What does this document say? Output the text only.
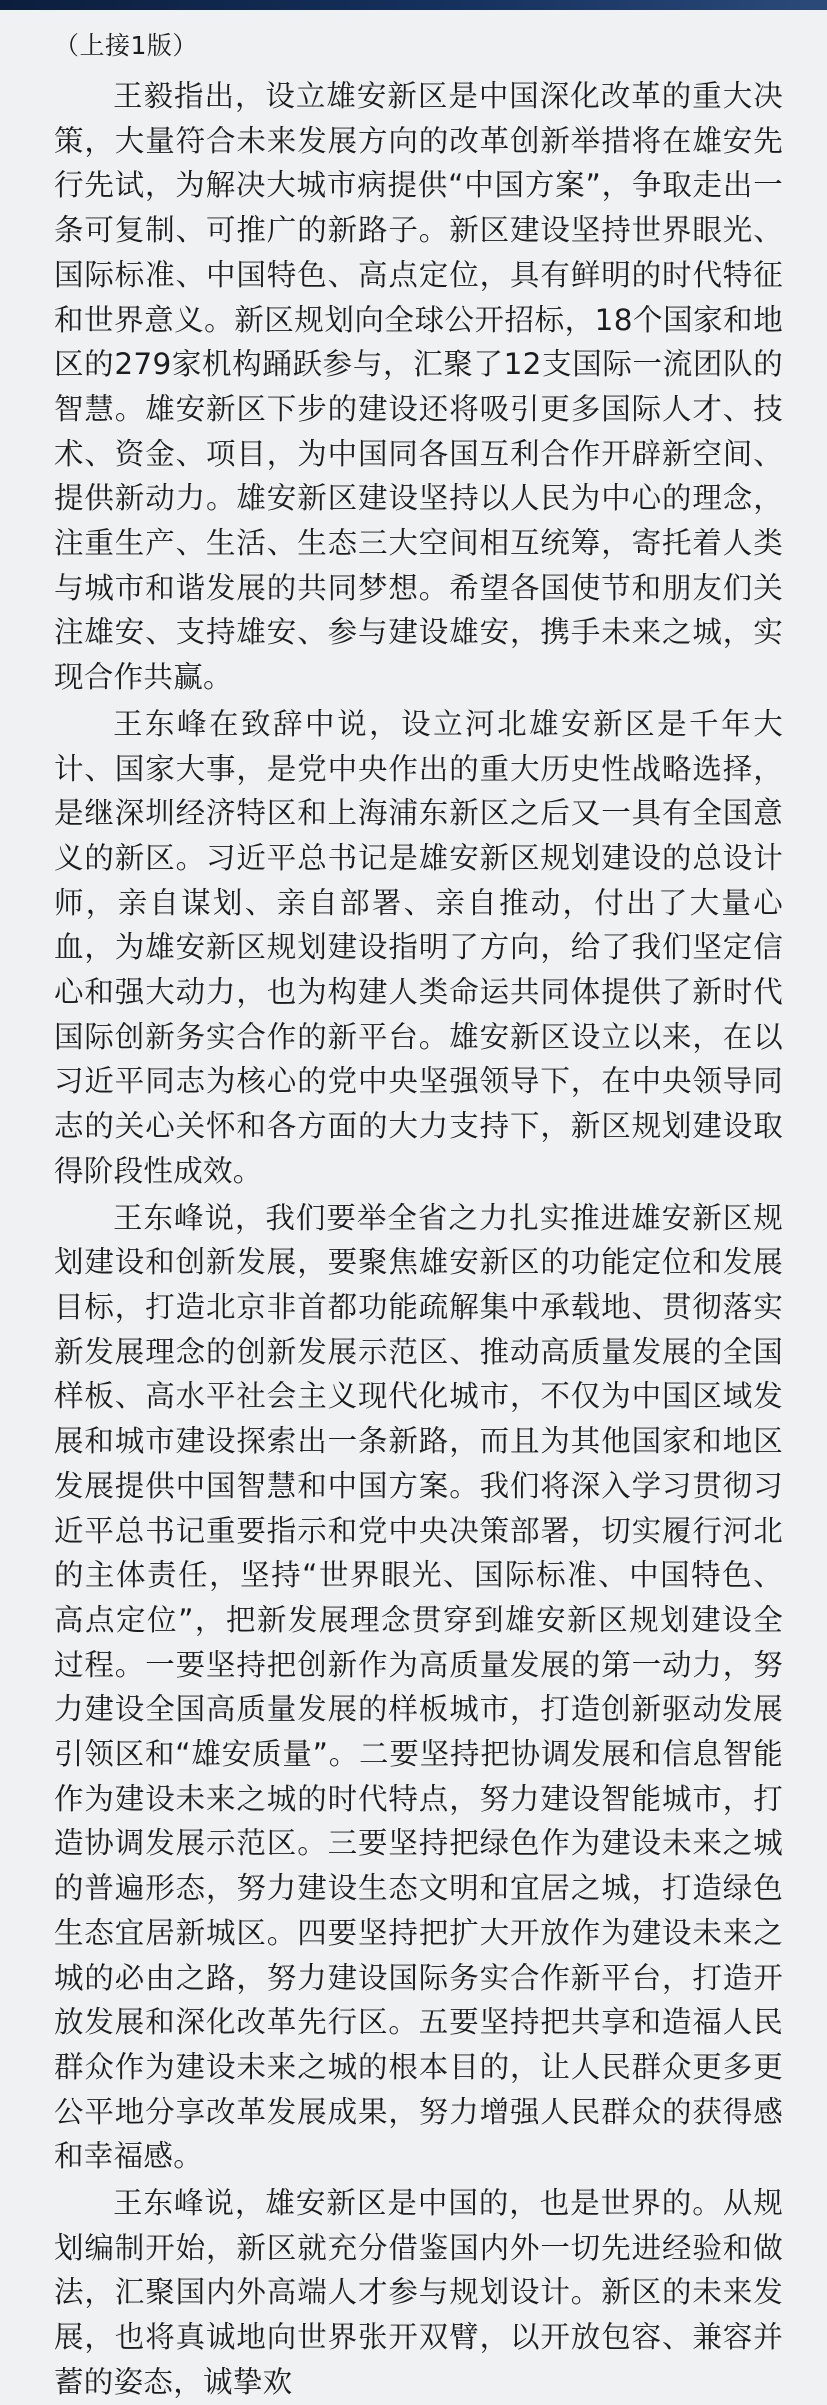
（上接1版）

王毅指出，设立雄安新区是中国深化改革的重大决策，大量符合未来发展方向的改革创新举措将在雄安先行先试，为解决大城市病提供“中国方案”，争取走出一条可复制、可推广的新路子。新区建设坚持世界眼光、国际标准、中国特色、高点定位，具有鲜明的时代特征和世界意义。新区规划向全球公开招标，18个国家和地区的279家机构踊跃参与，汇聚了12支国际一流团队的智慧。雄安新区下步的建设还将吸引更多国际人才、技术、资金、项目，为中国同各国互利合作开辟新空间、提供新动力。雄安新区建设坚持以人民为中心的理念，注重生产、生活、生态三大空间相互统筹，寄托着人类与城市和谐发展的共同梦想。希望各国使节和朋友们关注雄安、支持雄安、参与建设雄安，携手未来之城，实现合作共赢。

王东峰在致辞中说，设立河北雄安新区是千年大计、国家大事，是党中央作出的重大历史性战略选择，是继深圳经济特区和上海浦东新区之后又一具有全国意义的新区。习近平总书记是雄安新区规划建设的总设计师，亲自谋划、亲自部署、亲自推动，付出了大量心血，为雄安新区规划建设指明了方向，给了我们坚定信心和强大动力，也为构建人类命运共同体提供了新时代国际创新务实合作的新平台。雄安新区设立以来，在以习近平同志为核心的党中央坚强领导下，在中央领导同志的关心关怀和各方面的大力支持下，新区规划建设取得阶段性成效。

王东峰说，我们要举全省之力扎实推进雄安新区规划建设和创新发展，要聚焦雄安新区的功能定位和发展目标，打造北京非首都功能疏解集中承载地、贯彻落实新发展理念的创新发展示范区、推动高质量发展的全国样板、高水平社会主义现代化城市，不仅为中国区域发展和城市建设探索出一条新路，而且为其他国家和地区发展提供中国智慧和中国方案。我们将深入学习贯彻习近平总书记重要指示和党中央决策部署，切实履行河北的主体责任，坚持“世界眼光、国际标准、中国特色、高点定位”，把新发展理念贯穿到雄安新区规划建设全过程。一要坚持把创新作为高质量发展的第一动力，努力建设全国高质量发展的样板城市，打造创新驱动发展引领区和“雄安质量”。二要坚持把协调发展和信息智能作为建设未来之城的时代特点，努力建设智能城市，打造协调发展示范区。三要坚持把绿色作为建设未来之城的普遍形态，努力建设生态文明和宜居之城，打造绿色生态宜居新城区。四要坚持把扩大开放作为建设未来之城的必由之路，努力建设国际务实合作新平台，打造开放发展和深化改革先行区。五要坚持把共享和造福人民群众作为建设未来之城的根本目的，让人民群众更多更公平地分享改革发展成果，努力增强人民群众的获得感和幸福感。

王东峰说，雄安新区是中国的，也是世界的。从规划编制开始，新区就充分借鉴国内外一切先进经验和做法，汇聚国内外高端人才参与规划设计。新区的未来发展，也将真诚地向世界张开双臂，以开放包容、兼容并蓄的姿态，诚挚欢
